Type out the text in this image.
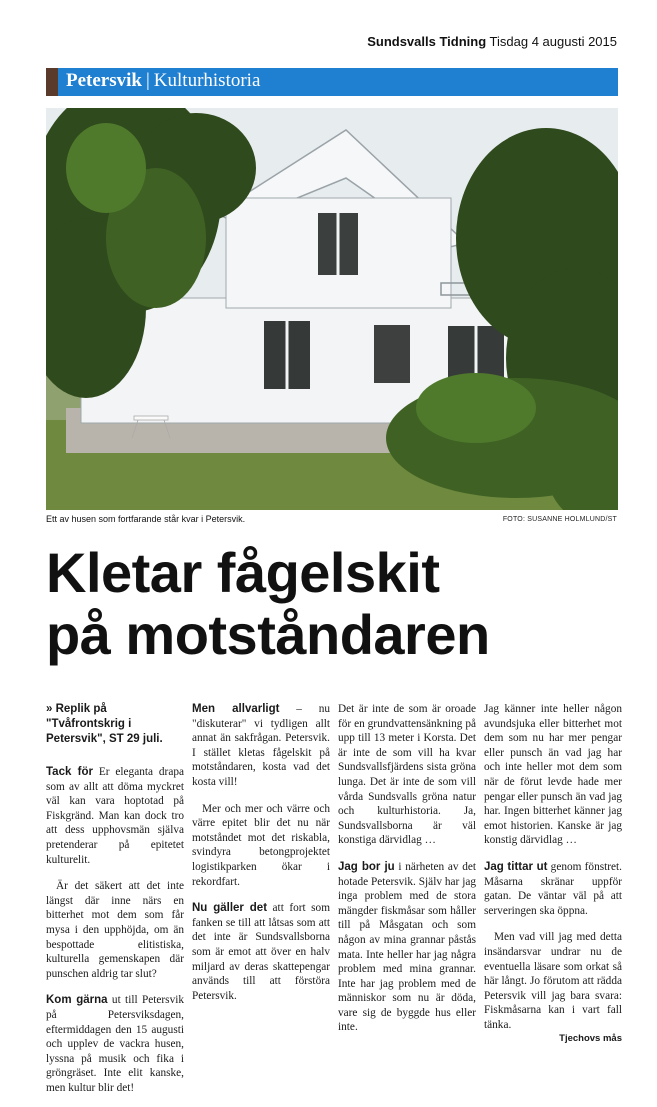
Sundsvalls Tidning Tisdag 4 augusti 2015
Petersvik | Kulturhistoria
Ett av husen som fortfarande står kvar i Petersvik.	FOTO: SUSANNE HOLMLUND/ST
Kletar fågelskit
på motståndaren
» Replik på "Tvåfrontskrig i Petersvik", ST 29 juli.

Tack för Er eleganta drapa som av allt att döma myckret väl kan vara hoptotad på Fiskgränd. Man kan dock tro att dess upphovsmän själva pretenderar på epitetet kulturelit.

Är det säkert att det inte längst där inne närs en bitterhet mot dem som får mysa i den upphöjda, om än bespottade elitistiska, kulturella gemenskapen där punschen aldrig tar slut?

Kom gärna ut till Petersvik på Petersviksdagen, eftermiddagen den 15 augusti och upplev de vackra husen, lyssna på musik och fika i gröngräset. Inte elit kanske, men kultur blir det!

Men allvarligt – nu "diskuterar" vi tydligen allt annat än sakfrågan. Petersvik. I stället kletas fågelskit på motståndaren, kosta vad det kosta vill!

Mer och mer och värre och värre epitet blir det nu när motståndet mot det riskabla, svindyra betongprojektet logistikparken ökar i rekordfart.

Nu gäller det att fort som fanken se till att låtsas som att det inte är Sundsvallsborna som är emot att över en halv miljard av deras skattepengar används till att förstöra Petersvik.

Det är inte de som är oroade för en grundvattensänkning på upp till 13 meter i Korsta. Det är inte de som vill ha kvar Sundsvallsfjärdens sista gröna lunga. Det är inte de som vill vårda Sundsvalls gröna natur och kulturhistoria. Ja, Sundsvallsborna är väl konstiga därvidlag …

Jag bor ju i närheten av det hotade Petersvik. Själv har jag inga problem med de stora mängder fiskmåsar som håller till på Måsgatan och som någon av mina grannar påstås mata. Inte heller har jag några problem med mina grannar. Inte har jag problem med de människor som nu är döda, vare sig de byggde hus eller inte.

Jag känner inte heller någon avundsjuka eller bitterhet mot dem som nu har mer pengar eller punsch än vad jag har och inte heller mot dem som när de förut levde hade mer pengar eller punsch än vad jag har. Ingen bitterhet känner jag emot historien. Kanske är jag konstig därvidlag …

Jag tittar ut genom fönstret. Måsarna skränar uppför gatan. De väntar väl på att serveringen ska öppna.

Men vad vill jag med detta insändarsvar undrar nu de eventuella läsare som orkat så här långt. Jo förutom att rädda Petersvik vill jag bara svara: Fiskmåsarna kan i vart fall tänka.

Tjechovs mås
